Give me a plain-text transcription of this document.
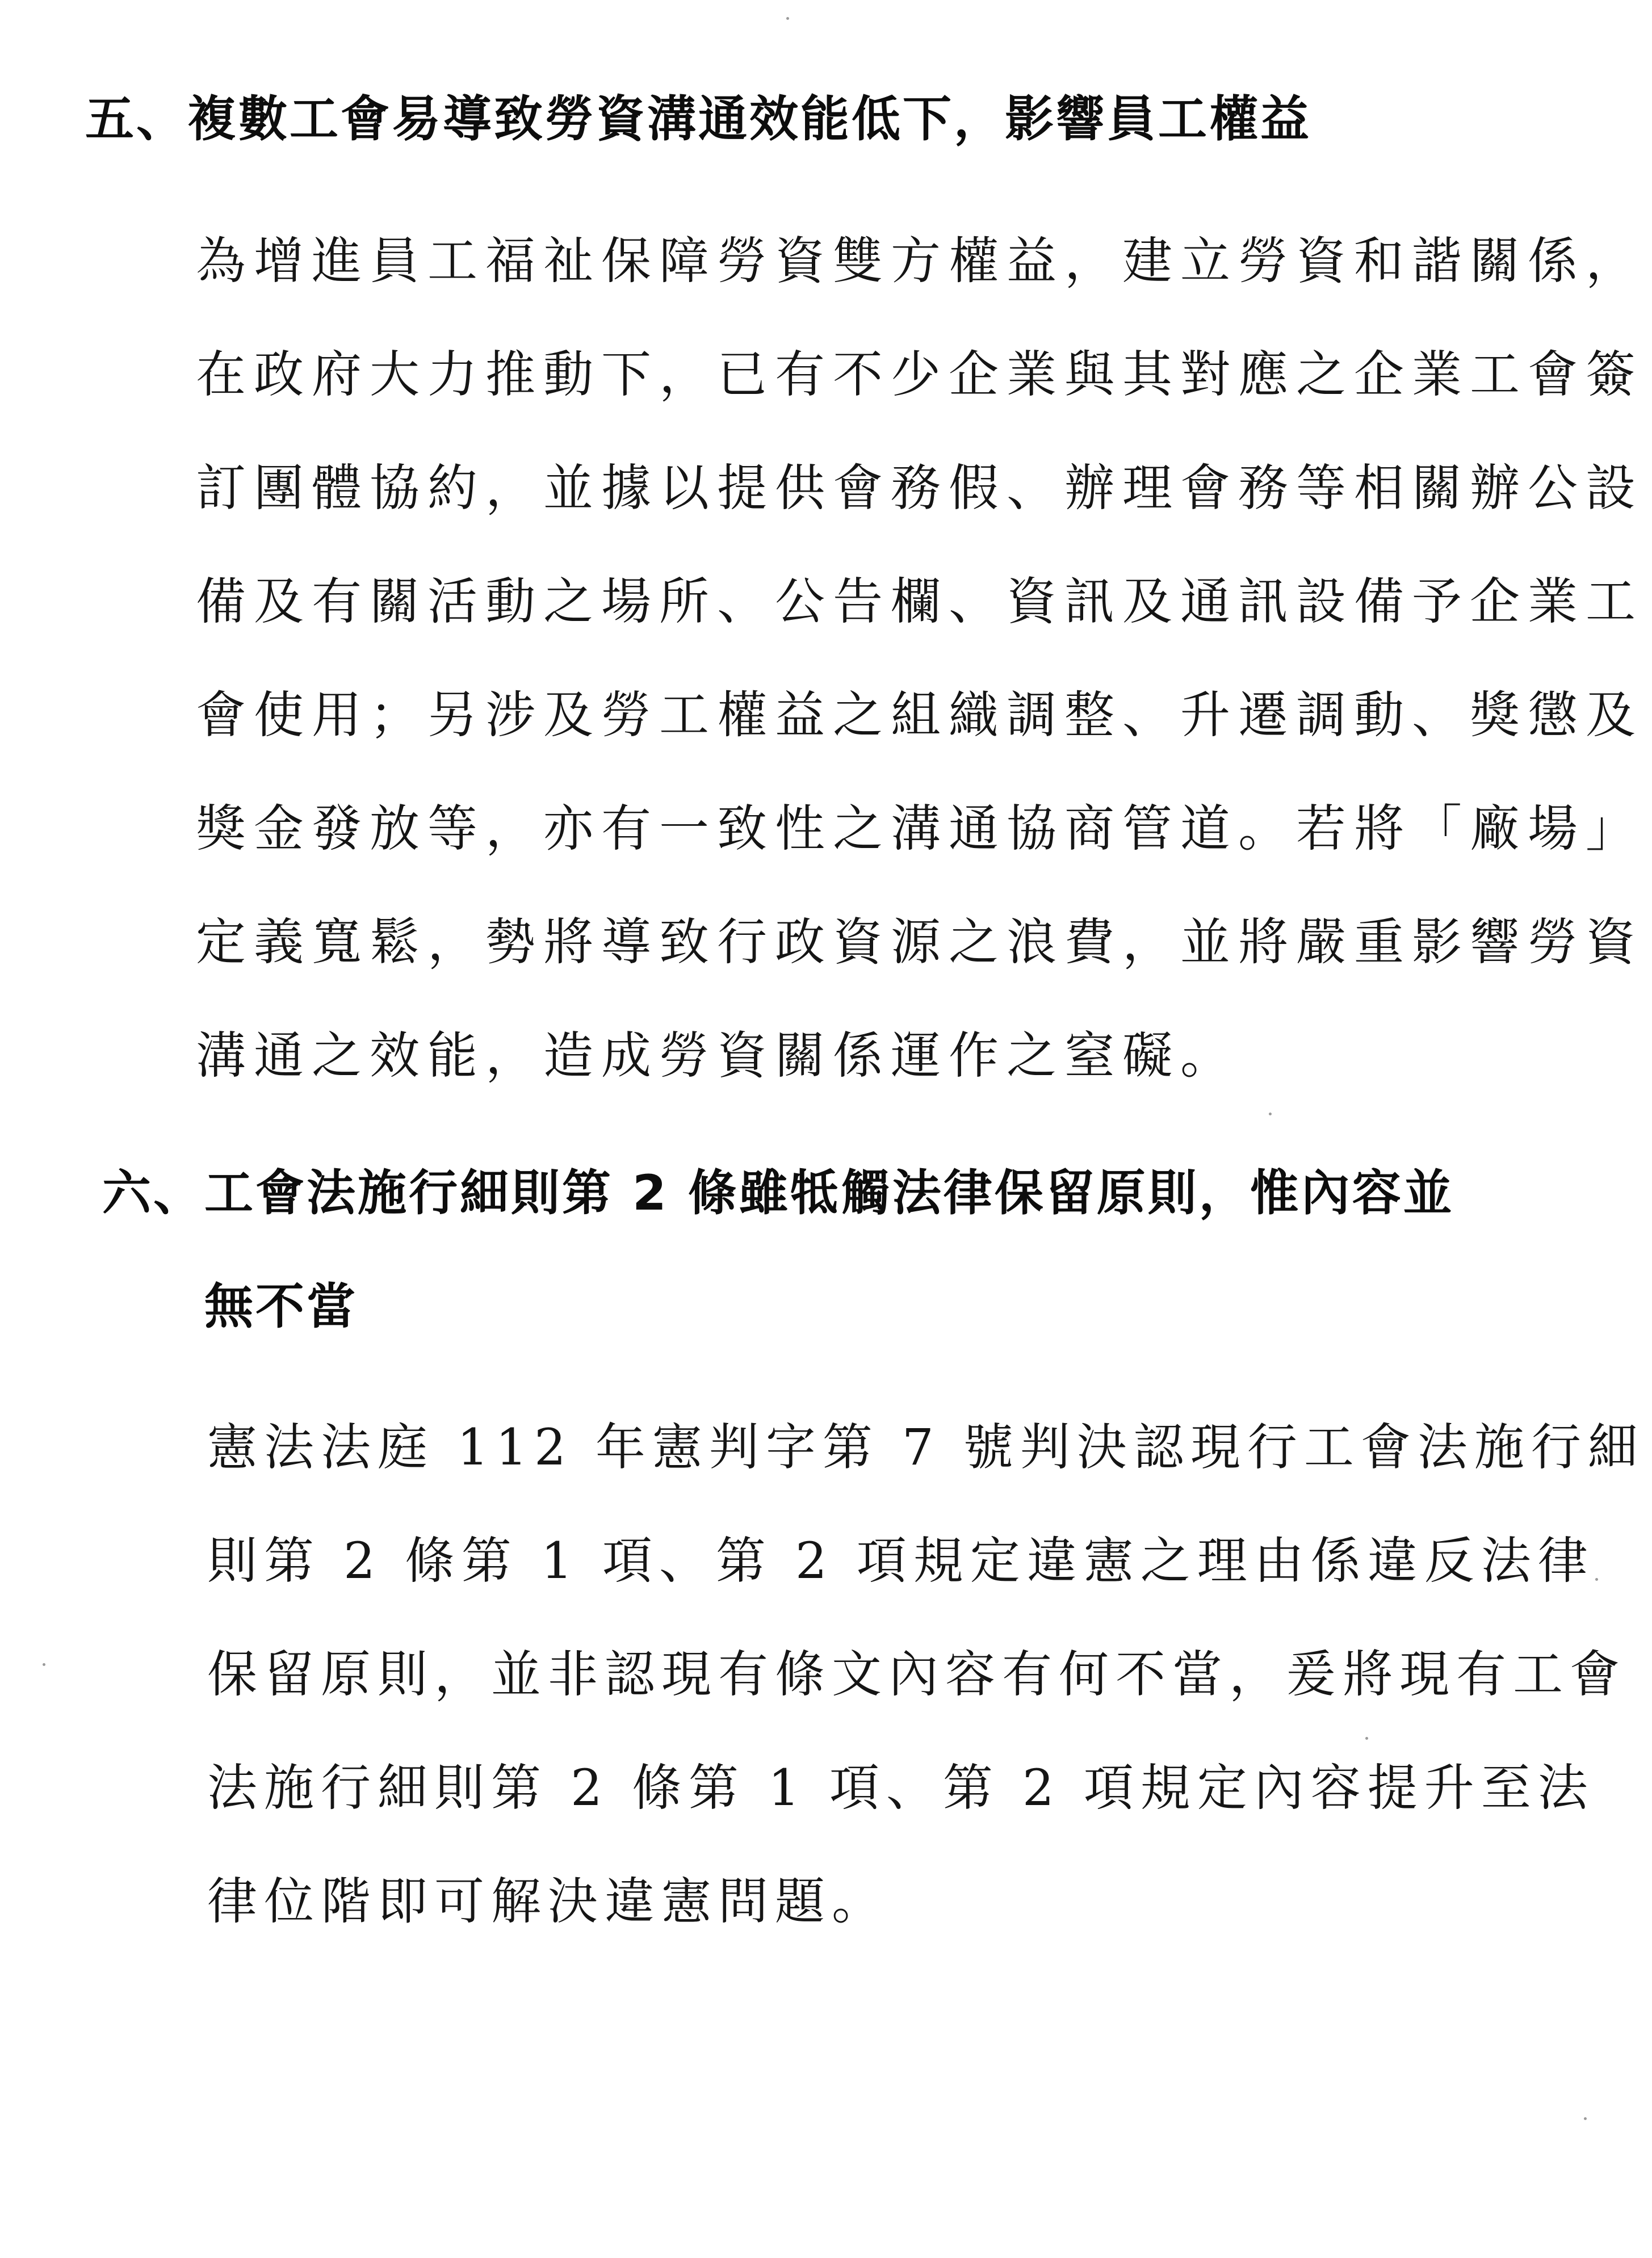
五、複數工會易導致勞資溝通效能低下，影響員工權益
為增進員工福祉保障勞資雙方權益，建立勞資和諧關係，
在政府大力推動下，已有不少企業與其對應之企業工會簽
訂團體協約，並據以提供會務假、辦理會務等相關辦公設
備及有關活動之場所、公告欄、資訊及通訊設備予企業工
會使用；另涉及勞工權益之組織調整、升遷調動、獎懲及
獎金發放等，亦有一致性之溝通協商管道。若將「廠場」
定義寬鬆，勢將導致行政資源之浪費，並將嚴重影響勞資
溝通之效能，造成勞資關係運作之窒礙。
六、工會法施行細則第 2 條雖牴觸法律保留原則，惟內容並
無不當
憲法法庭 112 年憲判字第 7 號判決認現行工會法施行細
則第 2 條第 1 項、第 2 項規定違憲之理由係違反法律
保留原則，並非認現有條文內容有何不當，爰將現有工會
法施行細則第 2 條第 1 項、第 2 項規定內容提升至法
律位階即可解決違憲問題。
